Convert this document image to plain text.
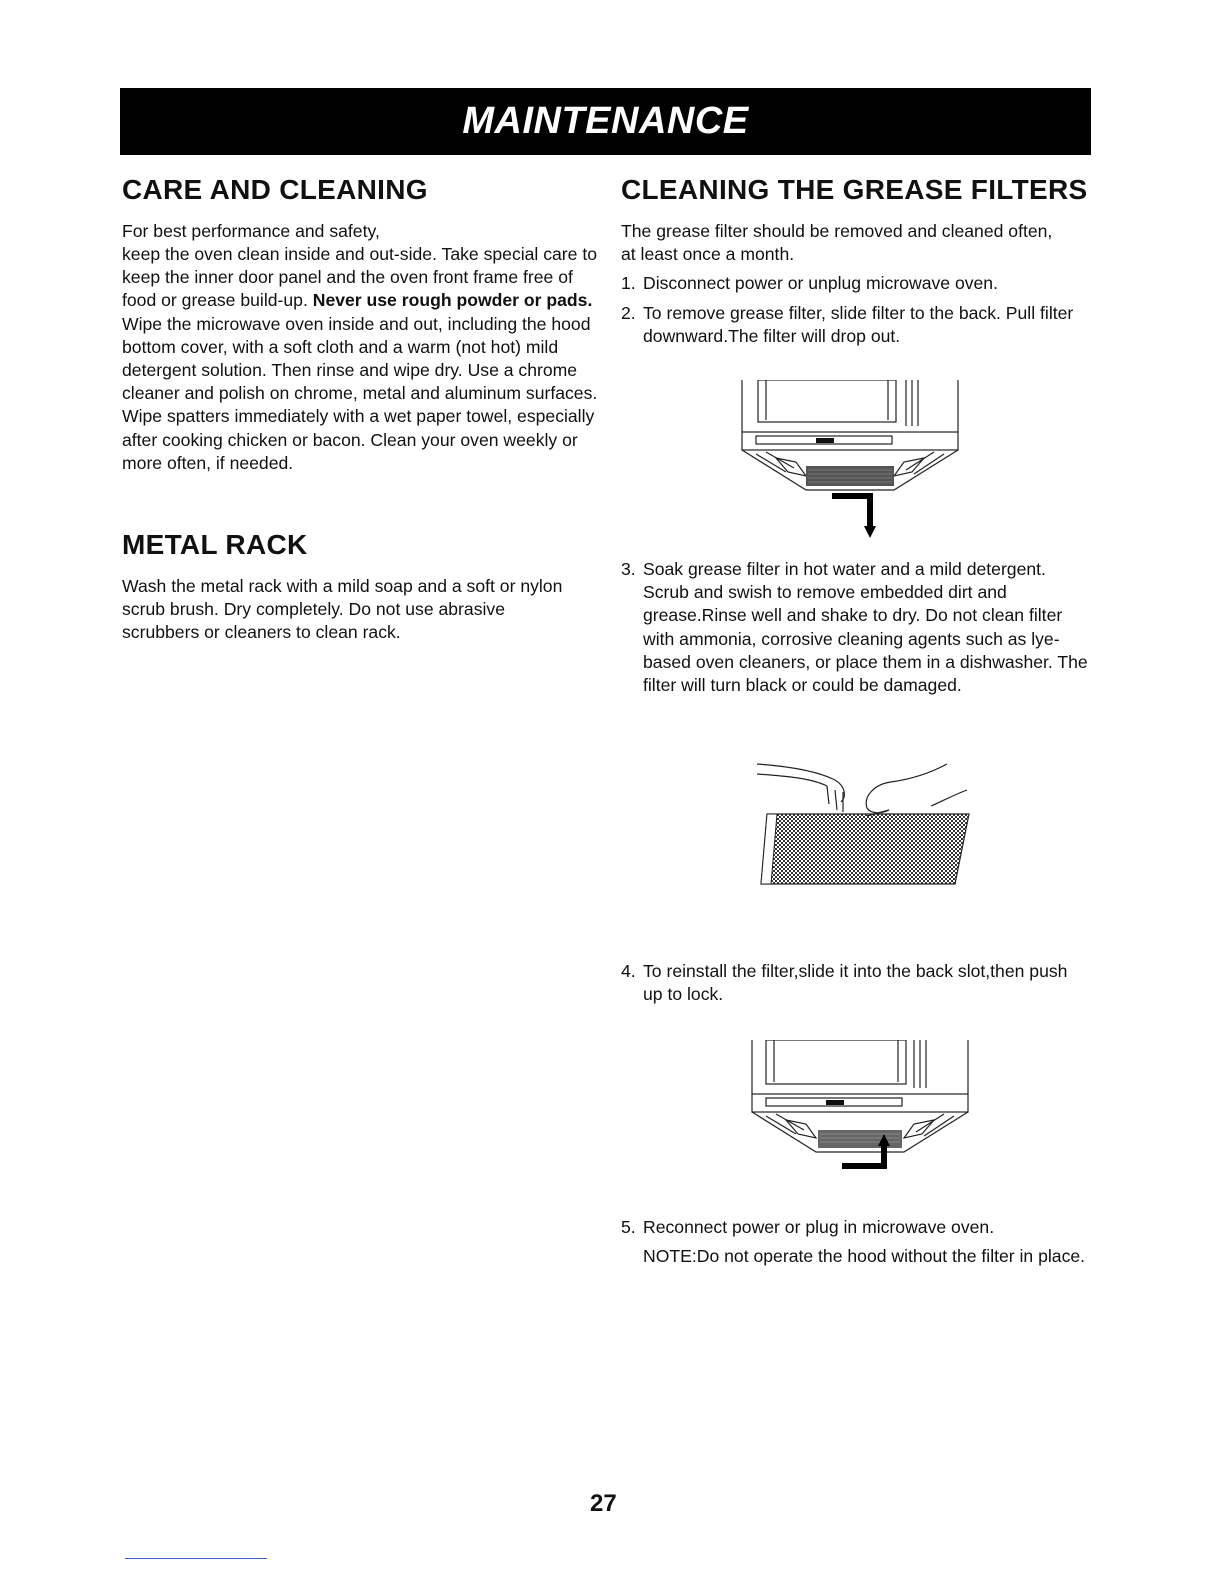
MAINTENANCE
CARE AND CLEANING

For best performance and safety,

keep the oven clean inside and out-side. Take special care to keep the inner door panel and the oven front frame free of food or grease build-up. Never use rough powder or pads. Wipe the microwave oven inside and out, including the hood bottom cover, with a soft cloth and a warm (not hot) mild detergent solution. Then rinse and wipe dry. Use a chrome cleaner and polish on chrome, metal and aluminum surfaces. Wipe spatters immediately with a wet paper towel, especially after cooking chicken or bacon. Clean your oven weekly or more often, if needed.

METAL RACK

Wash the metal rack with a mild soap and a soft or nylon scrub brush. Dry completely. Do not use abrasive scrubbers or cleaners to clean rack.

CLEANING THE GREASE FILTERS

The grease filter should be removed and cleaned often, at least once a month.

1. Disconnect power or unplug microwave oven.
2. To remove grease filter, slide filter to the back. Pull filter downward.The filter will drop out.
3. Soak grease filter in hot water and a mild detergent. Scrub and swish to remove embedded dirt and grease.Rinse well and shake to dry. Do not clean filter with ammonia, corrosive cleaning agents such as lye-based oven cleaners, or place them in a dishwasher. The filter will turn black or could be damaged.
4. To reinstall the filter,slide it into the back slot,then push up to lock.
5. Reconnect power or plug in microwave oven.

NOTE:Do not operate the hood without the filter in place.

27
